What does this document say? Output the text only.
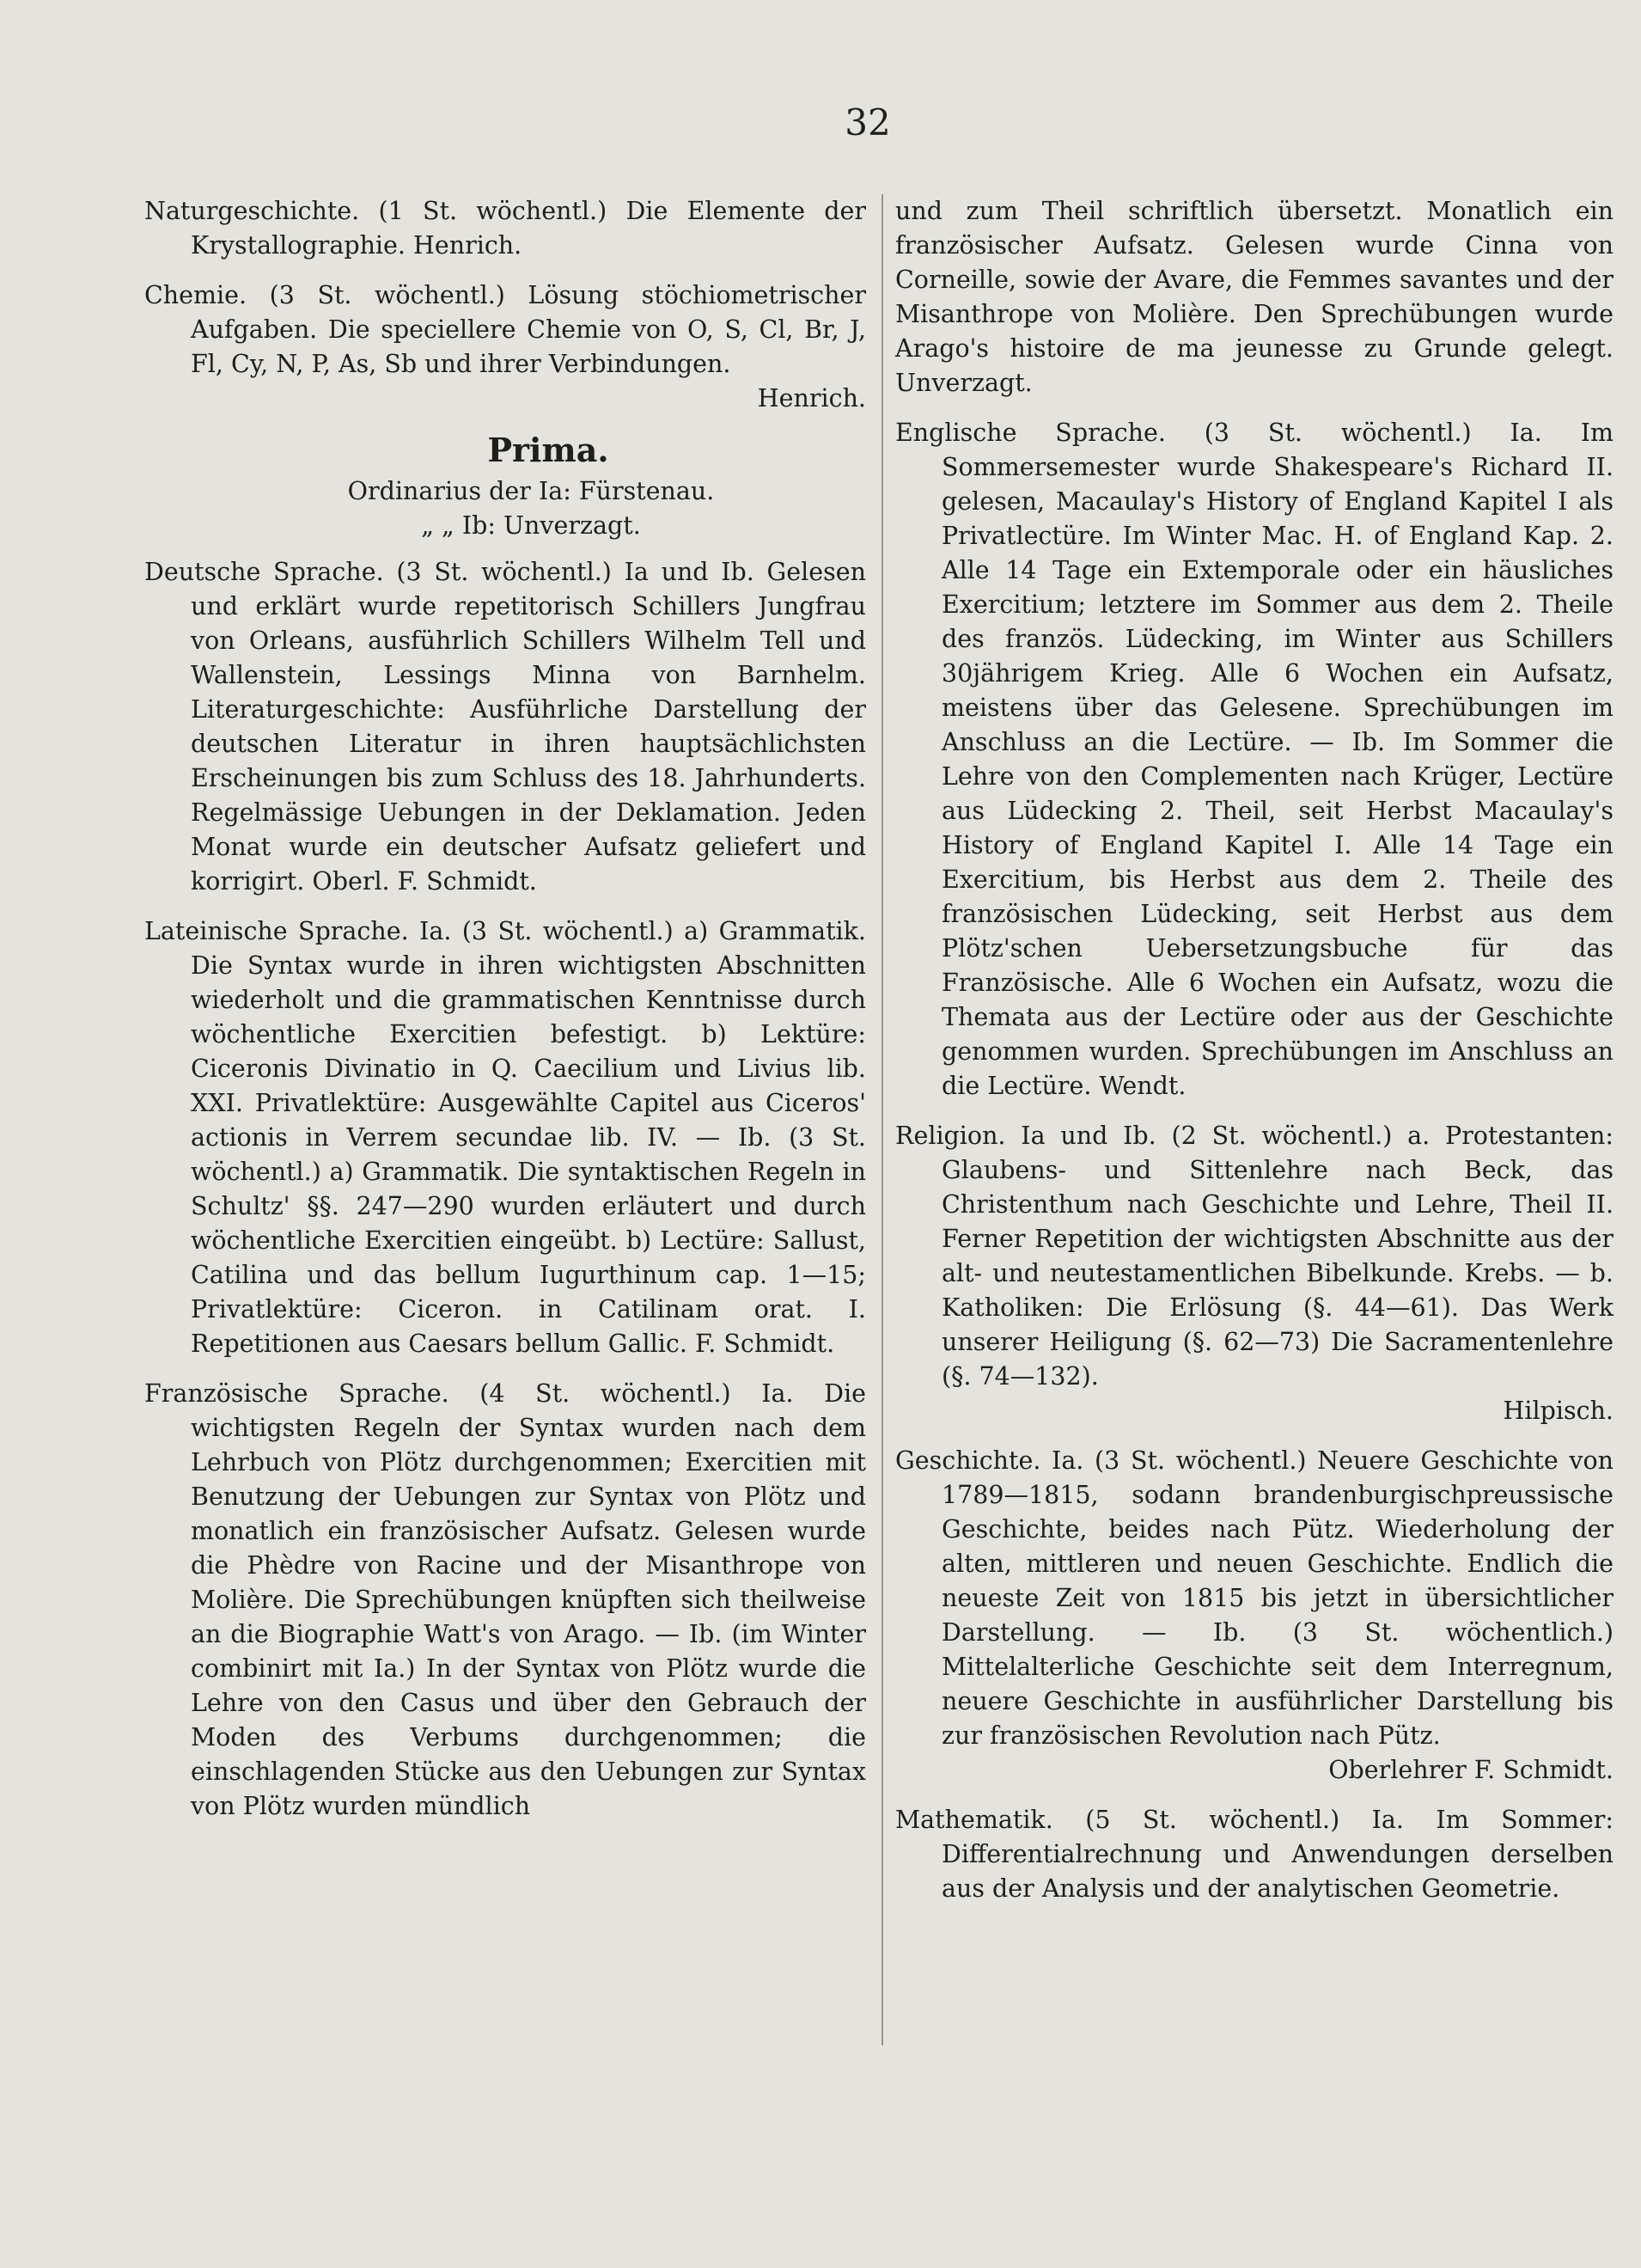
32

Naturgeschichte. (1 St. wöchentl.) Die Elemente der Krystallographie. Henrich.

Chemie. (3 St. wöchentl.) Lösung stöchiometrischer Aufgaben. Die speciellere Chemie von O, S, Cl, Br, J, Fl, Cy, N, P, As, Sb und ihrer Verbindungen.

Henrich.

Prima.
Ordinarius der Ia: Fürstenau.
„ „ Ib: Unverzagt.

Deutsche Sprache. (3 St. wöchentl.) Ia und Ib. Gelesen und erklärt wurde repetitorisch Schillers Jungfrau von Orleans, ausführlich Schillers Wilhelm Tell und Wallenstein, Lessings Minna von Barnhelm. Literaturgeschichte: Ausführliche Darstellung der deutschen Literatur in ihren hauptsächlichsten Erscheinungen bis zum Schluss des 18. Jahrhunderts. Regelmässige Uebungen in der Deklamation. Jeden Monat wurde ein deutscher Aufsatz geliefert und korrigirt. Oberl. F. Schmidt.

Lateinische Sprache. Ia. (3 St. wöchentl.) a) Grammatik. Die Syntax wurde in ihren wichtigsten Abschnitten wiederholt und die grammatischen Kenntnisse durch wöchentliche Exercitien befestigt. b) Lektüre: Ciceronis Divinatio in Q. Caecilium und Livius lib. XXI. Privatlektüre: Ausgewählte Capitel aus Ciceros' actionis in Verrem secundae lib. IV. — Ib. (3 St. wöchentl.) a) Grammatik. Die syntaktischen Regeln in Schultz' §§. 247—290 wurden erläutert und durch wöchentliche Exercitien eingeübt. b) Lectüre: Sallust, Catilina und das bellum Iugurthinum cap. 1—15; Privatlektüre: Ciceron. in Catilinam orat. I. Repetitionen aus Caesars bellum Gallic. F. Schmidt.

Französische Sprache. (4 St. wöchentl.) Ia. Die wichtigsten Regeln der Syntax wurden nach dem Lehrbuch von Plötz durchgenommen; Exercitien mit Benutzung der Uebungen zur Syntax von Plötz und monatlich ein französischer Aufsatz. Gelesen wurde die Phèdre von Racine und der Misanthrope von Molière. Die Sprechübungen knüpften sich theilweise an die Biographie Watt's von Arago. — Ib. (im Winter combinirt mit Ia.) In der Syntax von Plötz wurde die Lehre von den Casus und über den Gebrauch der Moden des Verbums durchgenommen; die einschlagenden Stücke aus den Uebungen zur Syntax von Plötz wurden mündlich

und zum Theil schriftlich übersetzt. Monatlich ein französischer Aufsatz. Gelesen wurde Cinna von Corneille, sowie der Avare, die Femmes savantes und der Misanthrope von Molière. Den Sprechübungen wurde Arago's histoire de ma jeunesse zu Grunde gelegt. Unverzagt.

Englische Sprache. (3 St. wöchentl.) Ia. Im Sommersemester wurde Shakespeare's Richard II. gelesen, Macaulay's History of England Kapitel I als Privatlectüre. Im Winter Mac. H. of England Kap. 2. Alle 14 Tage ein Extemporale oder ein häusliches Exercitium; letztere im Sommer aus dem 2. Theile des französ. Lüdecking, im Winter aus Schillers 30jährigem Krieg. Alle 6 Wochen ein Aufsatz, meistens über das Gelesene. Sprechübungen im Anschluss an die Lectüre. — Ib. Im Sommer die Lehre von den Complementen nach Krüger, Lectüre aus Lüdecking 2. Theil, seit Herbst Macaulay's History of England Kapitel I. Alle 14 Tage ein Exercitium, bis Herbst aus dem 2. Theile des französischen Lüdecking, seit Herbst aus dem Plötz'schen Uebersetzungsbuche für das Französische. Alle 6 Wochen ein Aufsatz, wozu die Themata aus der Lectüre oder aus der Geschichte genommen wurden. Sprechübungen im Anschluss an die Lectüre. Wendt.

Religion. Ia und Ib. (2 St. wöchentl.) a. Protestanten: Glaubens- und Sittenlehre nach Beck, das Christenthum nach Geschichte und Lehre, Theil II. Ferner Repetition der wichtigsten Abschnitte aus der alt- und neutestamentlichen Bibelkunde. Krebs. — b. Katholiken: Die Erlösung (§. 44—61). Das Werk unserer Heiligung (§. 62—73) Die Sacramentenlehre (§. 74—132).

Hilpisch.

Geschichte. Ia. (3 St. wöchentl.) Neuere Geschichte von 1789—1815, sodann brandenburgischpreussische Geschichte, beides nach Pütz. Wiederholung der alten, mittleren und neuen Geschichte. Endlich die neueste Zeit von 1815 bis jetzt in übersichtlicher Darstellung. — Ib. (3 St. wöchentlich.) Mittelalterliche Geschichte seit dem Interregnum, neuere Geschichte in ausführlicher Darstellung bis zur französischen Revolution nach Pütz.

Oberlehrer F. Schmidt.

Mathematik. (5 St. wöchentl.) Ia. Im Sommer: Differentialrechnung und Anwendungen derselben aus der Analysis und der analytischen Geometrie.
